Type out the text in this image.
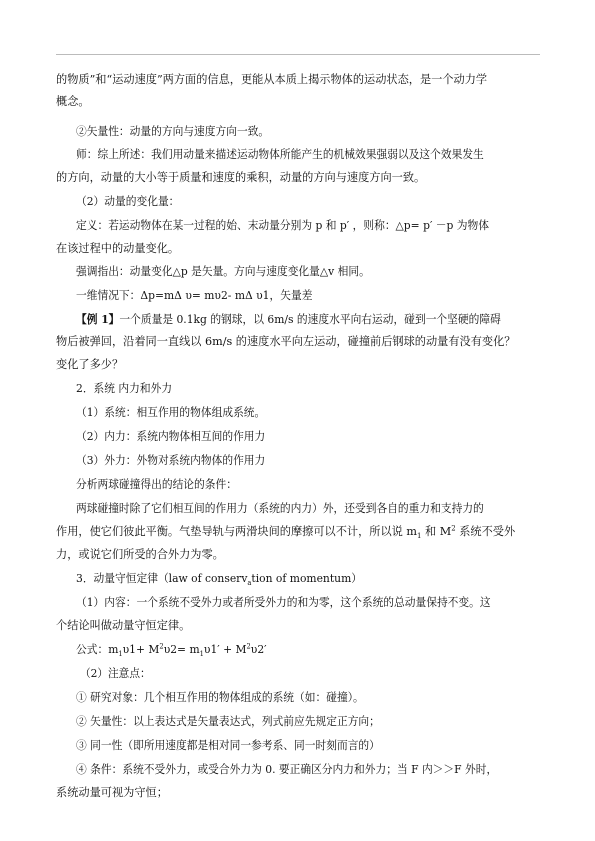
的物质”和“运动速度”两方面的信息，更能从本质上揭示物体的运动状态，是一个动力学
概念。
②矢量性：动量的方向与速度方向一致。
师：综上所述：我们用动量来描述运动物体所能产生的机械效果强弱以及这个效果发生
的方向，动量的大小等于质量和速度的乘积，动量的方向与速度方向一致。
（2）动量的变化量：
定义：若运动物体在某一过程的始、末动量分别为 p 和 p′ ，则称：△p= p′ －p 为物体
在该过程中的动量变化。
强调指出：动量变化△p 是矢量。方向与速度变化量△v 相同。
一维情况下：Δp=mΔ υ= mυ2- mΔ υ1，矢量差
【例 1】一个质量是 0.1kg 的钢球，以 6m/s 的速度水平向右运动，碰到一个坚硬的障碍
物后被弹回，沿着同一直线以 6m/s 的速度水平向左运动，碰撞前后钢球的动量有没有变化？
变化了多少？
2．系统 内力和外力
（1）系统：相互作用的物体组成系统。
（2）内力：系统内物体相互间的作用力
（3）外力：外物对系统内物体的作用力
分析两球碰撞得出的结论的条件：
两球碰撞时除了它们相互间的作用力（系统的内力）外，还受到各自的重力和支持力的
作用，使它们彼此平衡。气垫导轨与两滑块间的摩擦可以不计，所以说 $m_1$ 和 $M^2$ 系统不受外
力，或说它们所受的合外力为零。
3．动量守恒定律（law of conserv$_a$tion of momentum）
（1）内容：一个系统不受外力或者所受外力的和为零，这个系统的总动量保持不变。这
个结论叫做动量守恒定律。
公式：$m_1\upsilon 1+ M^2\upsilon 2= m_1\upsilon 1' + M^2\upsilon 2'$
（2）注意点：
① 研究对象：几个相互作用的物体组成的系统（如：碰撞）。
② 矢量性：以上表达式是矢量表达式，列式前应先规定正方向；
③ 同一性（即所用速度都是相对同一参考系、同一时刻而言的）
④ 条件：系统不受外力，或受合外力为 0. 要正确区分内力和外力；当 F 内＞＞F 外时，
系统动量可视为守恒；
